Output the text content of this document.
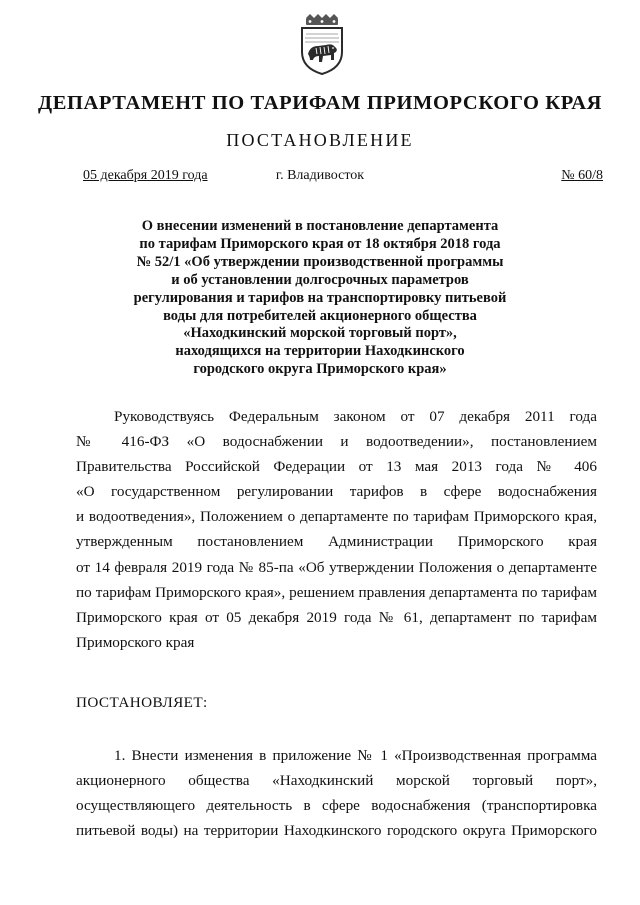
ДЕПАРТАМЕНТ ПО ТАРИФАМ ПРИМОРСКОГО КРАЯ
ПОСТАНОВЛЕНИЕ
05 декабря 2019 года	г. Владивосток	№ 60/8
О внесении изменений в постановление департамента
по тарифам Приморского края от 18 октября 2018 года
№ 52/1 «Об утверждении производственной программы
и об установлении долгосрочных параметров
регулирования и тарифов на транспортировку питьевой
воды для потребителей акционерного общества
«Находкинский морской торговый порт»,
находящихся на территории Находкинского
городского округа Приморского края»
Руководствуясь Федеральным законом от 07 декабря 2011 года
№ 416-ФЗ «О водоснабжении и водоотведении», постановлением
Правительства Российской Федерации от 13 мая 2013 года № 406
«О государственном регулировании тарифов в сфере водоснабжения
и водоотведения», Положением о департаменте по тарифам Приморского края,
утвержденным постановлением Администрации Приморского края
от 14 февраля 2019 года № 85-па «Об утверждении Положения о департаменте
по тарифам Приморского края», решением правления департамента по тарифам
Приморского края от 05 декабря 2019 года № 61, департамент по тарифам
Приморского края
ПОСТАНОВЛЯЕТ:
1. Внести изменения в приложение № 1 «Производственная программа
акционерного общества «Находкинский морской торговый порт»,
осуществляющего деятельность в сфере водоснабжения (транспортировка
питьевой воды) на территории Находкинского городского округа Приморского
